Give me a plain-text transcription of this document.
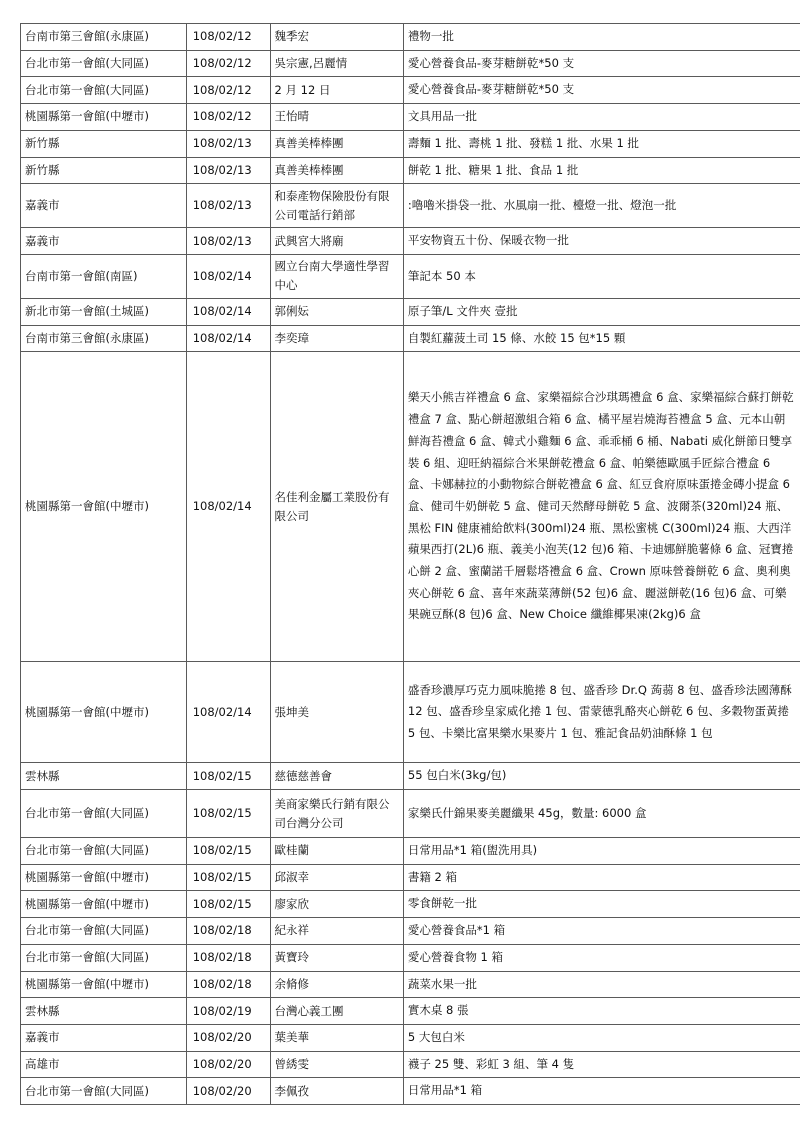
台南市第三會館(永康區)	108/02/12	魏季宏	禮物一批
台北市第一會館(大同區)	108/02/12	吳宗憲,呂麗情	愛心營養食品-麥芽糖餅乾*50 支
台北市第一會館(大同區)	108/02/12	2 月 12 日	愛心營養食品-麥芽糖餅乾*50 支
桃園縣第一會館(中壢市)	108/02/12	王怡晴	文具用品一批
新竹縣	108/02/13	真善美棒棒團	壽麵 1 批、壽桃 1 批、發糕 1 批、水果 1 批
新竹縣	108/02/13	真善美棒棒團	餅乾 1 批、糖果 1 批、食品 1 批
嘉義市	108/02/13	和泰產物保險股份有限公司電話行銷部	:嚕嚕米掛袋一批、水風扇一批、檯燈一批、燈泡一批
嘉義市	108/02/13	武興宮大將廟	平安物資五十份、保暖衣物一批
台南市第一會館(南區)	108/02/14	國立台南大學適性學習中心	筆記本 50 本
新北市第一會館(土城區)	108/02/14	郭俐妘	原子筆/L 文件夾 壹批
台南市第三會館(永康區)	108/02/14	李奕璋	自製紅蘿菠土司 15 條、水餃 15 包*15 顆
桃園縣第一會館(中壢市)	108/02/14	名佳利金屬工業股份有限公司	樂天小熊吉祥禮盒 6 盒、家樂福綜合沙琪瑪禮盒 6 盒、家樂福綜合蘇打餅乾禮盒 7 盒、點心餅超激組合箱 6 盒、橘平屋岩燒海苔禮盒 5 盒、元本山朝鮮海苔禮盒 6 盒、韓式小雞麵 6 盒、乖乖桶 6 桶、Nabati 威化餅節日雙享裝 6 組、迎旺納福綜合米果餅乾禮盒 6 盒、帕樂德歐風手匠綜合禮盒 6 盒、卡娜赫拉的小動物綜合餅乾禮盒 6 盒、紅豆食府原味蛋捲金磚小提盒 6 盒、健司牛奶餅乾 5 盒、健司天然酵母餅乾 5 盒、波爾茶(320ml)24 瓶、黑松 FIN 健康補給飲料(300ml)24 瓶、黑松蜜桃 C(300ml)24 瓶、大西洋蘋果西打(2L)6 瓶、義美小泡芙(12 包)6 箱、卡迪娜鮮脆薯條 6 盒、冠寶捲心餅 2 盒、蜜蘭諾千層鬆塔禮盒 6 盒、Crown 原味營養餅乾 6 盒、奧利奧夾心餅乾 6 盒、喜年來蔬菜薄餅(52 包)6 盒、麗滋餅乾(16 包)6 盒、可樂果碗豆酥(8 包)6 盒、New Choice 纖維椰果凍(2kg)6 盒
桃園縣第一會館(中壢市)	108/02/14	張坤美	盛香珍濃厚巧克力風味脆捲 8 包、盛香珍 Dr.Q 蒟蒻 8 包、盛香珍法國薄酥 12 包、盛香珍皇家威化捲 1 包、雷蒙德乳酪夾心餅乾 6 包、多穀物蛋黃捲 5 包、卡樂比富果樂水果麥片 1 包、雅記食品奶油酥條 1 包
雲林縣	108/02/15	慈德慈善會	55 包白米(3kg/包)
台北市第一會館(大同區)	108/02/15	美商家樂氏行銷有限公司台灣分公司	家樂氏什錦果麥美麗纖果 45g，數量: 6000 盒
台北市第一會館(大同區)	108/02/15	歐桂蘭	日常用品*1 箱(盥洗用具)
桃園縣第一會館(中壢市)	108/02/15	邱淑幸	書籍 2 箱
桃園縣第一會館(中壢市)	108/02/15	廖家欣	零食餅乾一批
台北市第一會館(大同區)	108/02/18	紀永祥	愛心營養食品*1 箱
台北市第一會館(大同區)	108/02/18	黃寶玲	愛心營養食物 1 箱
桃園縣第一會館(中壢市)	108/02/18	余脩修	蔬菜水果一批
雲林縣	108/02/19	台灣心義工團	實木桌 8 張
嘉義市	108/02/20	葉美華	5 大包白米
高雄市	108/02/20	曾綉雯	襪子 25 雙、彩虹 3 組、筆 4 隻
台北市第一會館(大同區)	108/02/20	李佩孜	日常用品*1 箱
